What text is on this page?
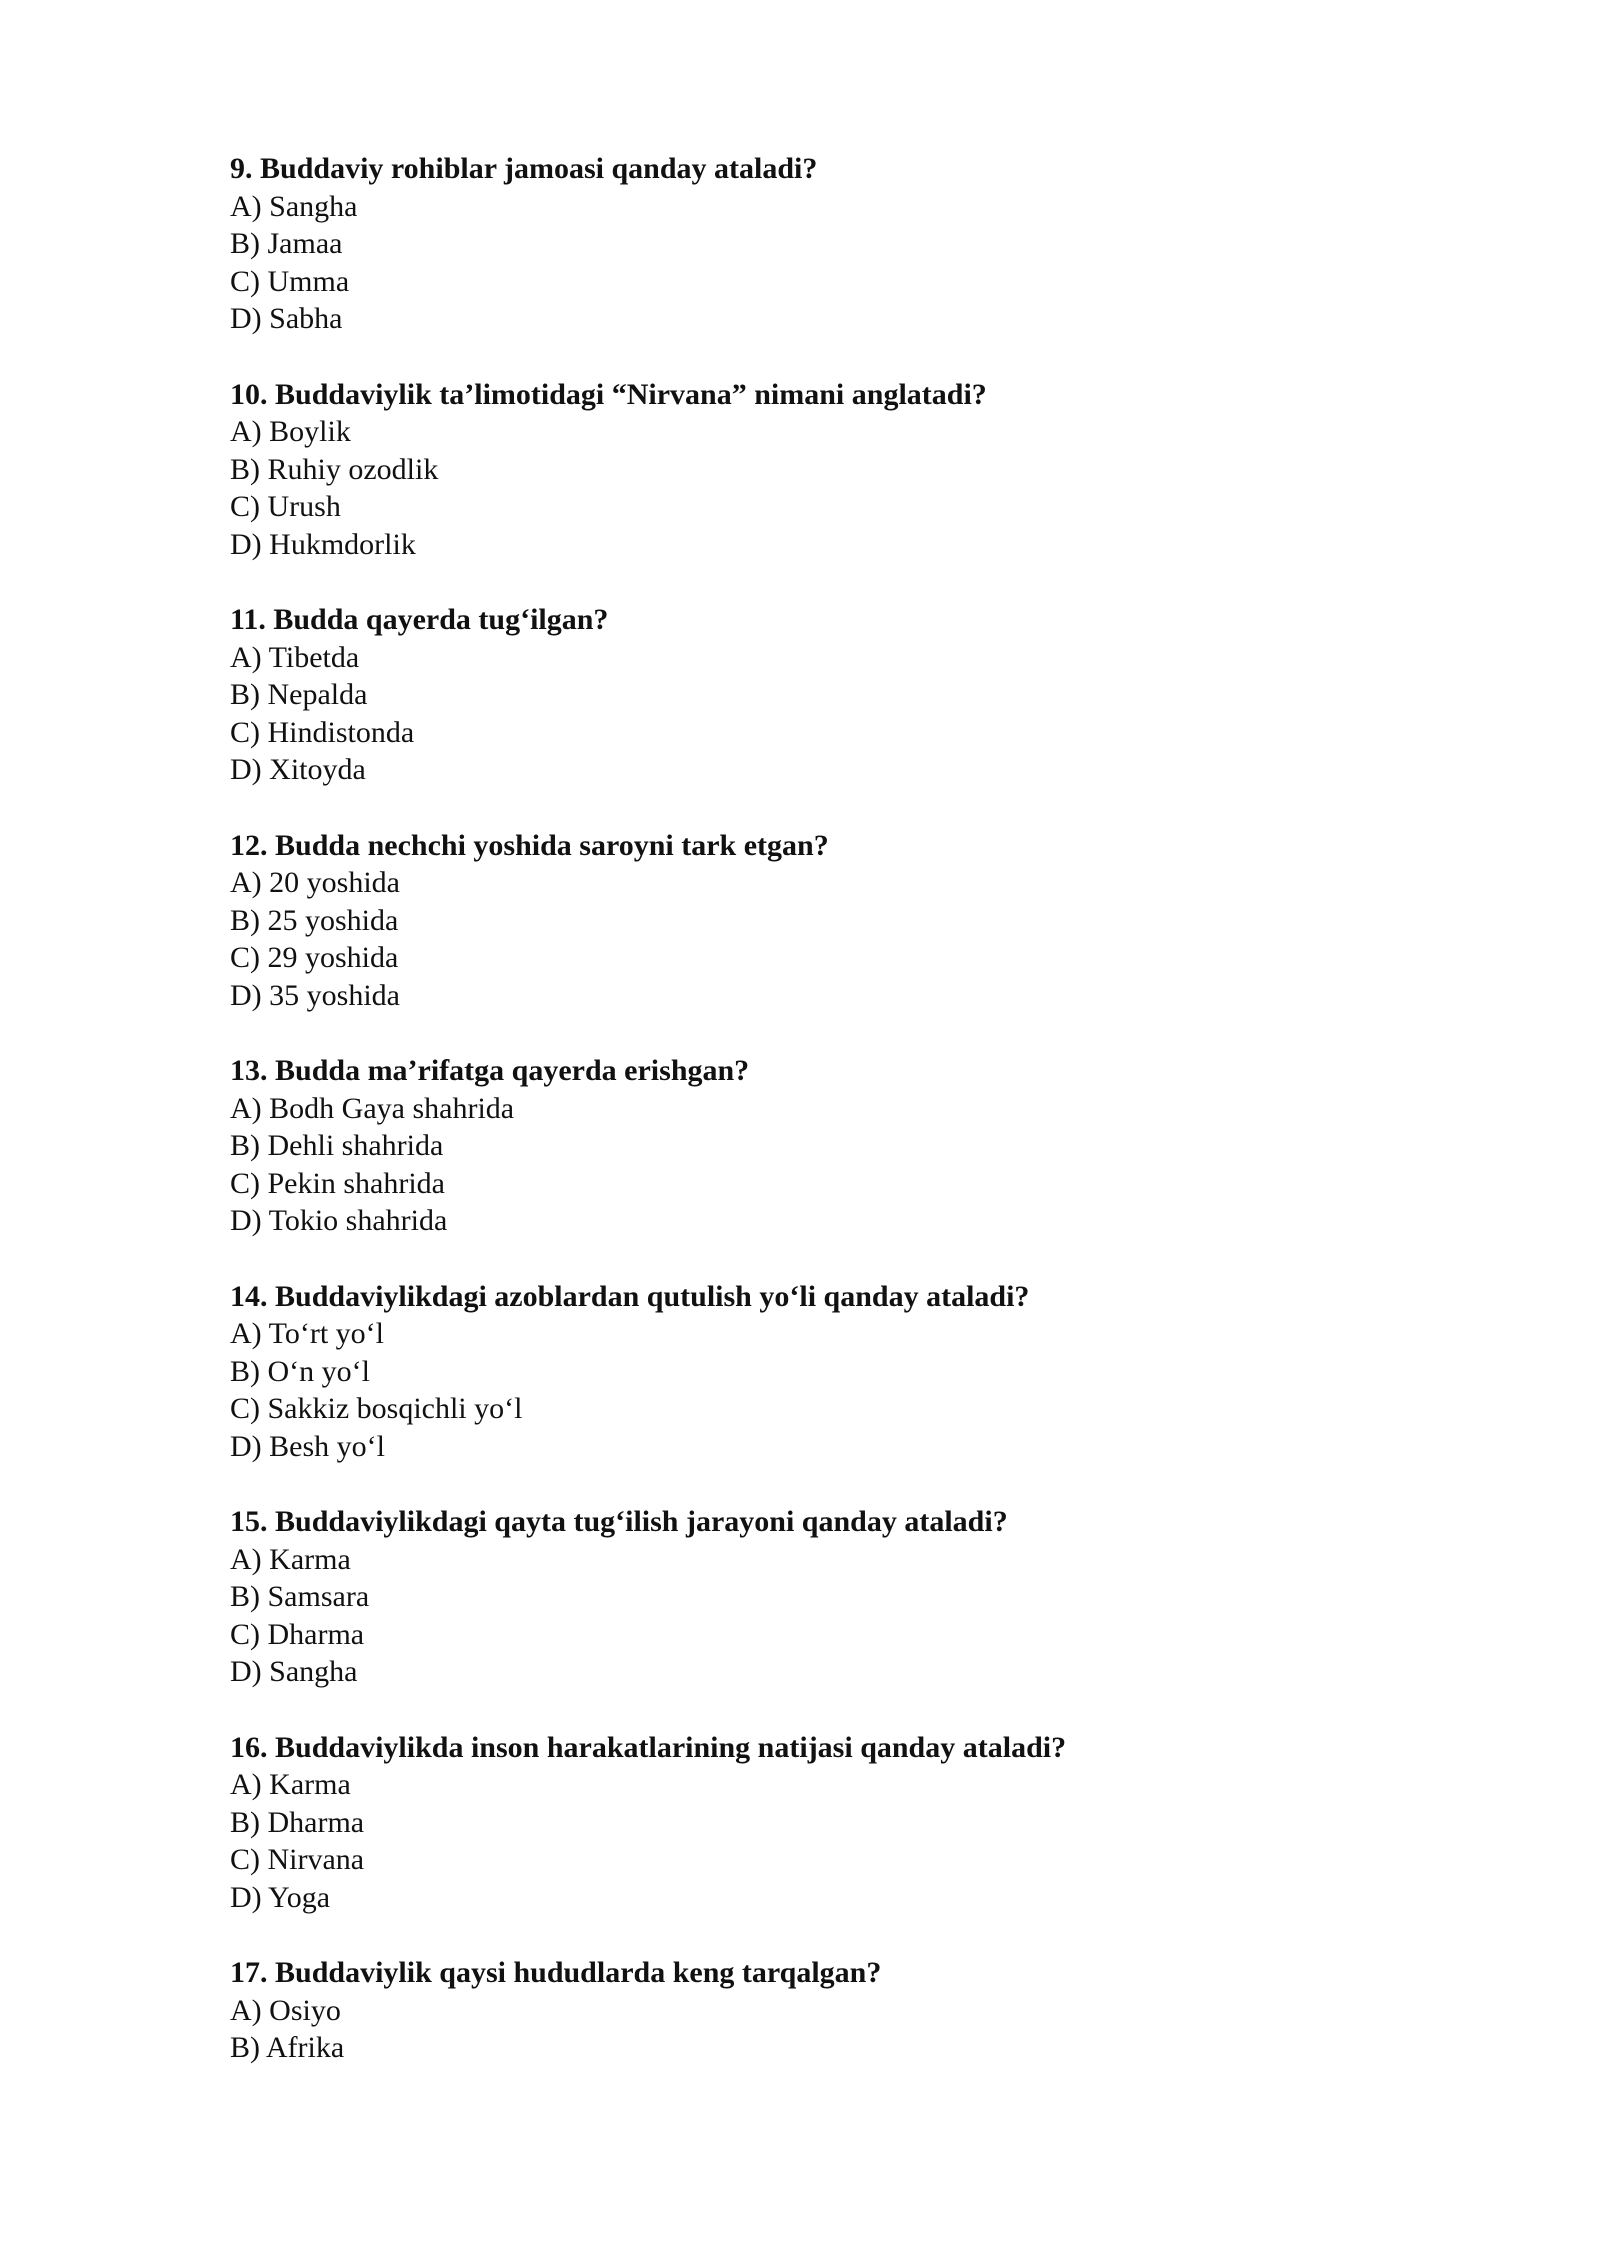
9. Buddaviy rohiblar jamoasi qanday ataladi?
A) Sangha
B) Jamaa
C) Umma
D) Sabha
10. Buddaviylik ta’limotidagi “Nirvana” nimani anglatadi?
A) Boylik
B) Ruhiy ozodlik
C) Urush
D) Hukmdorlik
11. Budda qayerda tug‘ilgan?
A) Tibetda
B) Nepalda
C) Hindistonda
D) Xitoyda
12. Budda nechchi yoshida saroyni tark etgan?
A) 20 yoshida
B) 25 yoshida
C) 29 yoshida
D) 35 yoshida
13. Budda ma’rifatga qayerda erishgan?
A) Bodh Gaya shahrida
B) Dehli shahrida
C) Pekin shahrida
D) Tokio shahrida
14. Buddaviylikdagi azoblardan qutulish yo‘li qanday ataladi?
A) To‘rt yo‘l
B) O‘n yo‘l
C) Sakkiz bosqichli yo‘l
D) Besh yo‘l
15. Buddaviylikdagi qayta tug‘ilish jarayoni qanday ataladi?
A) Karma
B) Samsara
C) Dharma
D) Sangha
16. Buddaviylikda inson harakatlarining natijasi qanday ataladi?
A) Karma
B) Dharma
C) Nirvana
D) Yoga
17. Buddaviylik qaysi hududlarda keng tarqalgan?
A) Osiyo
B) Afrika
